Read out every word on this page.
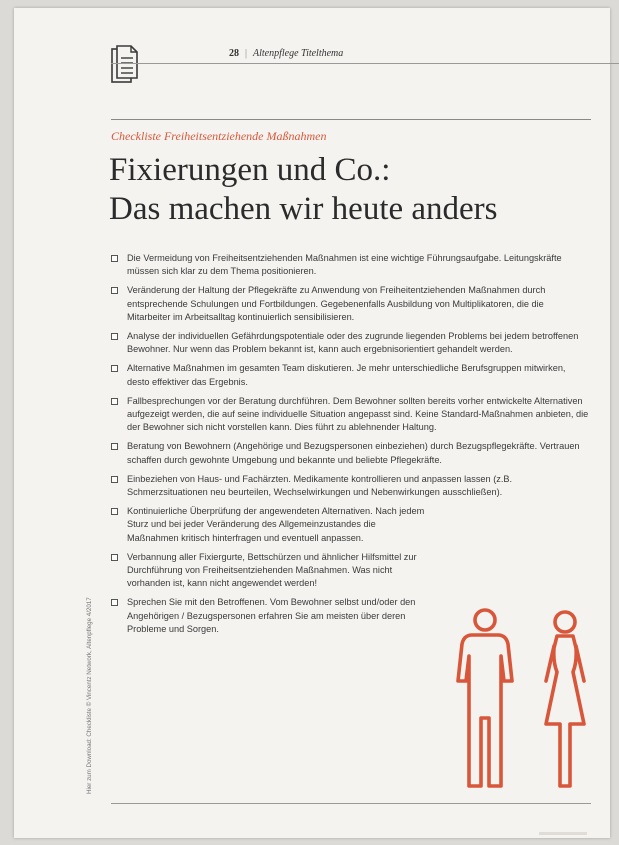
28 | Altenpflege Titelthema
Checkliste Freiheitsentziehende Maßnahmen
Fixierungen und Co.:
Das machen wir heute anders
Die Vermeidung von Freiheitsentziehenden Maßnahmen ist eine wichtige Führungsaufgabe. Leitungskräfte müssen sich klar zu dem Thema positionieren.
Veränderung der Haltung der Pflegekräfte zu Anwendung von Freiheitentziehenden Maßnahmen durch entsprechende Schulungen und Fortbildungen. Gegebenenfalls Ausbildung von Multiplikatoren, die die Mitarbeiter im Arbeitsalltag kontinuierlich sensibilisieren.
Analyse der individuellen Gefährdungspotentiale oder des zugrunde liegenden Problems bei jedem betroffenen Bewohner. Nur wenn das Problem bekannt ist, kann auch ergebnisorientiert gehandelt werden.
Alternative Maßnahmen im gesamten Team diskutieren. Je mehr unterschiedliche Berufsgruppen mitwirken, desto effektiver das Ergebnis.
Fallbesprechungen vor der Beratung durchführen. Dem Bewohner sollten bereits vorher entwickelte Alternativen aufgezeigt werden, die auf seine individuelle Situation angepasst sind. Keine Standard-Maßnahmen anbieten, die der Bewohner sich nicht vorstellen kann. Dies führt zu ablehnender Haltung.
Beratung von Bewohnern (Angehörige und Bezugspersonen einbeziehen) durch Bezugspflegekräfte. Vertrauen schaffen durch gewohnte Umgebung und bekannte und beliebte Pflegekräfte.
Einbeziehen von Haus- und Fachärzten. Medikamente kontrollieren und anpassen lassen (z.B. Schmerzsituationen neu beurteilen, Wechselwirkungen und Nebenwirkungen ausschließen).
Kontinuierliche Überprüfung der angewendeten Alternativen. Nach jedem Sturz und bei jeder Veränderung des Allgemeinzustandes die Maßnahmen kritisch hinterfragen und eventuell anpassen.
Verbannung aller Fixiergurte, Bettschürzen und ähnlicher Hilfsmittel zur Durchführung von Freiheitsentziehenden Maßnahmen. Was nicht vorhanden ist, kann nicht angewendet werden!
Sprechen Sie mit den Betroffenen. Vom Bewohner selbst und/oder den Angehörigen / Bezugspersonen erfahren Sie am meisten über deren Probleme und Sorgen.
Hier zum Download: Checkliste © Vincentz Network, Altenpflege 4/2017
